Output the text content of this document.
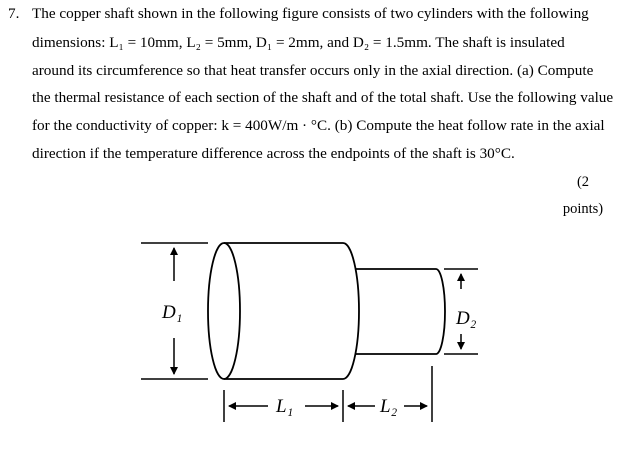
7. The copper shaft shown in the following figure consists of two cylinders with the following
dimensions: L₁ = 10mm, L₂ = 5mm, D₁ = 2mm, and D₂ = 1.5mm. The shaft is insulated
around its circumference so that heat transfer occurs only in the axial direction. (a) Compute
the thermal resistance of each section of the shaft and of the total shaft. Use the following value
for the conductivity of copper: k = 400W/m · °C. (b) Compute the heat follow rate in the axial
direction if the temperature difference across the endpoints of the shaft is 30°C.
(2
points)
D₁	D₂
L₁	L₂
